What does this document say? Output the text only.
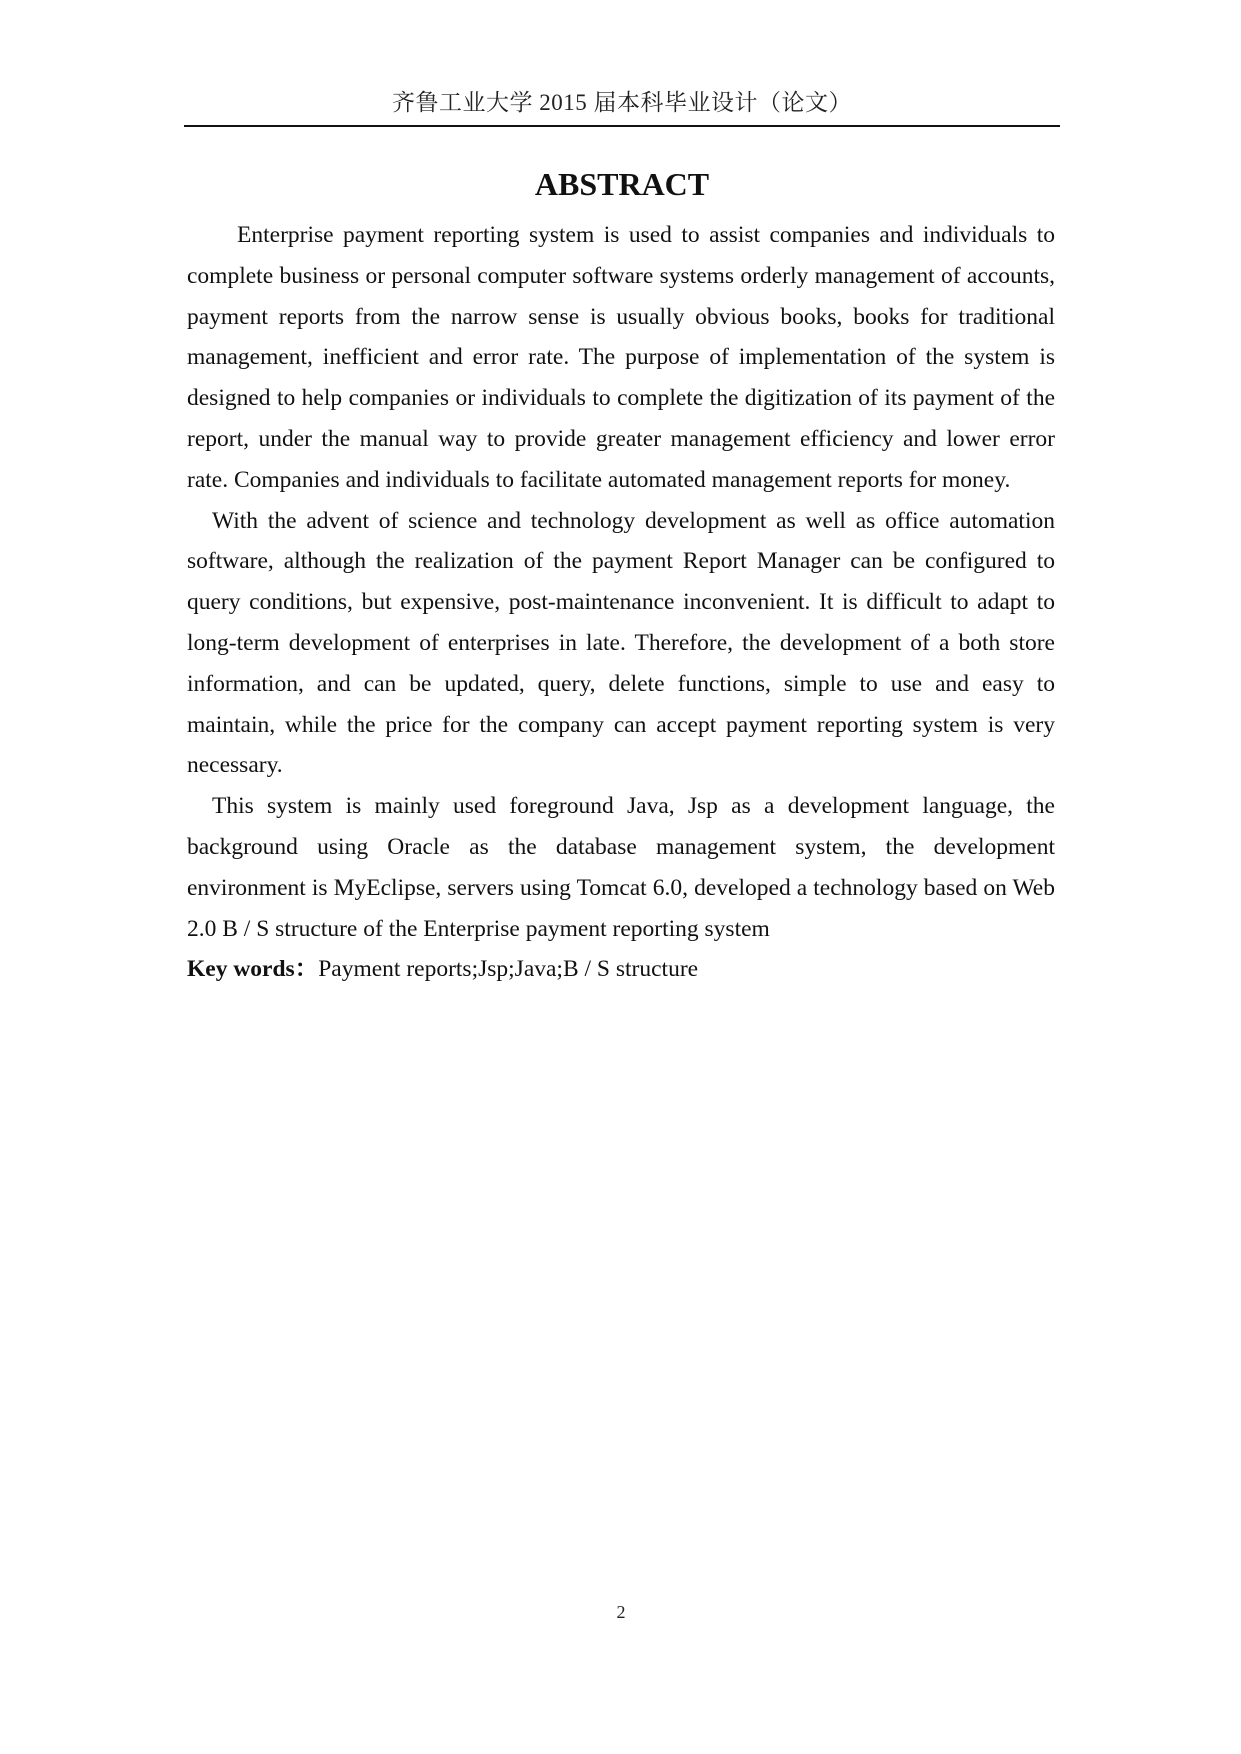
齐鲁工业大学 2015 届本科毕业设计（论文）
ABSTRACT

Enterprise payment reporting system is used to assist companies and individuals to complete business or personal computer software systems orderly management of accounts, payment reports from the narrow sense is usually obvious books, books for traditional management, inefficient and error rate. The purpose of implementation of the system is designed to help companies or individuals to complete the digitization of its payment of the report, under the manual way to provide greater management efficiency and lower error rate. Companies and individuals to facilitate automated management reports for money.

With the advent of science and technology development as well as office automation software, although the realization of the payment Report Manager can be configured to query conditions, but expensive, post-maintenance inconvenient. It is difficult to adapt to long-term development of enterprises in late. Therefore, the development of a both store information, and can be updated, query, delete functions, simple to use and easy to maintain, while the price for the company can accept payment reporting system is very necessary.

This system is mainly used foreground Java, Jsp as a development language, the background using Oracle as the database management system, the development environment is MyEclipse, servers using Tomcat 6.0, developed a technology based on Web 2.0 B / S structure of the Enterprise payment reporting system

Key words：Payment reports;Jsp;Java;B / S structure

2
